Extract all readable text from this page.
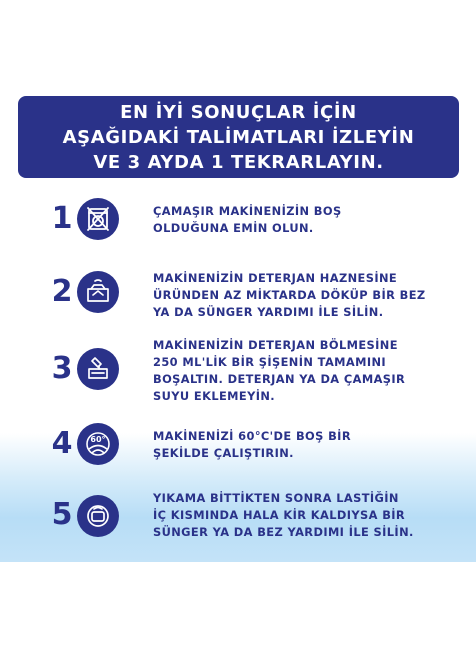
EN İYİ SONUÇLAR İÇİN
AŞAĞIDAKİ TALİMATLARI İZLEYİN
VE 3 AYDA 1 TEKRARLAYIN.
1	ÇAMAŞIR MAKİNENİZİN BOŞ
OLDUĞUNA EMİN OLUN.
2	MAKİNENİZİN DETERJAN HAZNESİNE
ÜRÜNDEN AZ MİKTARDA DÖKÜP BİR BEZ
YA DA SÜNGER YARDIMI İLE SİLİN.
3
MAKİNENİZİN DETERJAN BÖLMESİNE
250 ML'LİK BİR ŞİŞENİN TAMAMINI
BOŞALTIN. DETERJAN YA DA ÇAMAŞIR
SUYU EKLEMEYİN.
4	60°	MAKİNENİZİ 60°C'DE BOŞ BİR
ŞEKİLDE ÇALIŞTIRIN.
5	YIKAMA BİTTİKTEN SONRA LASTİĞİN
İÇ KISMINDA HALA KİR KALDIYSA BİR
SÜNGER YA DA BEZ YARDIMI İLE SİLİN.
